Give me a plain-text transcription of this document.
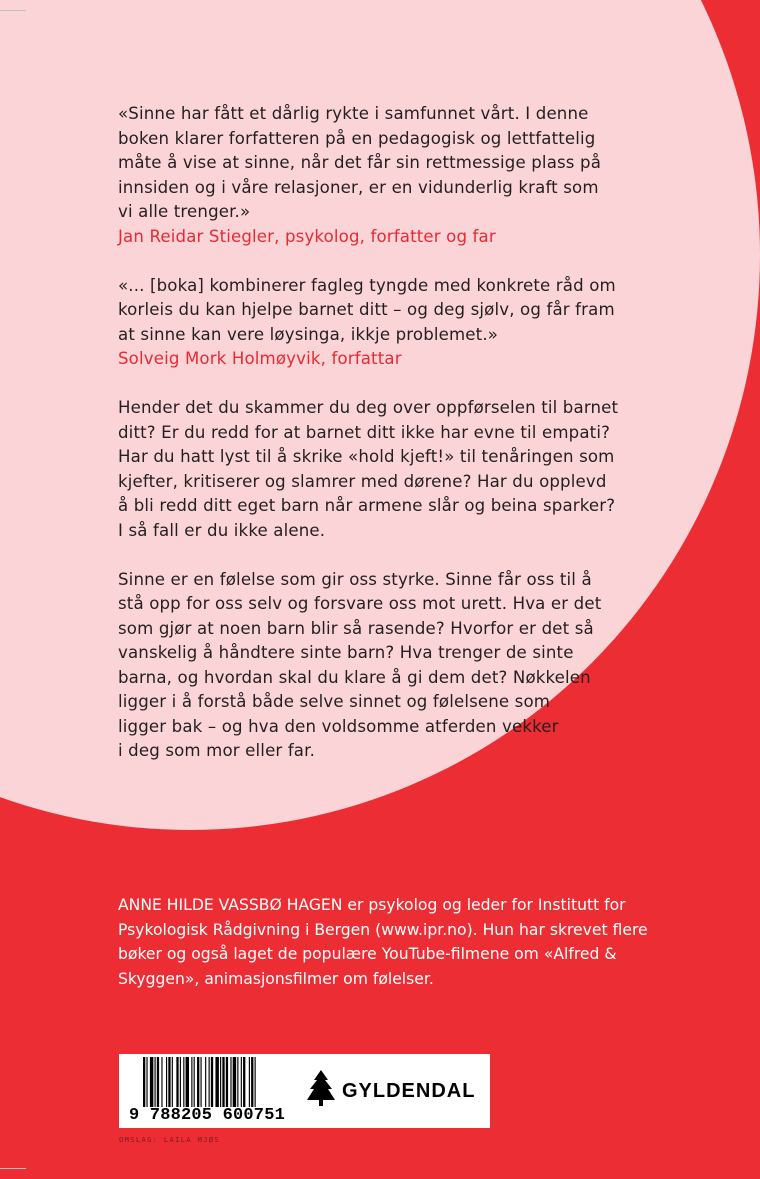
«Sinne har fått et dårlig rykte i samfunnet vårt. I denne

boken klarer forfatteren på en pedagogisk og lettfattelig

måte å vise at sinne, når det får sin rettmessige plass på

innsiden og i våre relasjoner, er en vidunderlig kraft som

vi alle trenger.»

Jan Reidar Stiegler, psykolog, forfatter og far

«... [boka] kombinerer fagleg tyngde med konkrete råd om

korleis du kan hjelpe barnet ditt – og deg sjølv, og får fram

at sinne kan vere løysinga, ikkje problemet.»

Solveig Mork Holmøyvik, forfattar

Hender det du skammer du deg over oppførselen til barnet

ditt? Er du redd for at barnet ditt ikke har evne til empati?

Har du hatt lyst til å skrike «hold kjeft!» til tenåringen som

kjefter, kritiserer og slamrer med dørene? Har du opplevd

å bli redd ditt eget barn når armene slår og beina sparker?

I så fall er du ikke alene.

Sinne er en følelse som gir oss styrke. Sinne får oss til å

stå opp for oss selv og forsvare oss mot urett. Hva er det

som gjør at noen barn blir så rasende? Hvorfor er det så

vanskelig å håndtere sinte barn? Hva trenger de sinte

barna, og hvordan skal du klare å gi dem det? Nøkkelen

ligger i å forstå både selve sinnet og følelsene som

ligger bak – og hva den voldsomme atferden vekker

i deg som mor eller far.

ANNE HILDE VASSBØ HAGEN er psykolog og leder for Institutt for
Psykologisk Rådgivning i Bergen (www.ipr.no). Hun har skrevet flere
bøker og også laget de populære YouTube-filmene om «Alfred &
Skyggen», animasjonsfilmer om følelser.
9 788205 600751
GYLDENDAL
OMSLAG: LAILA MJØS
